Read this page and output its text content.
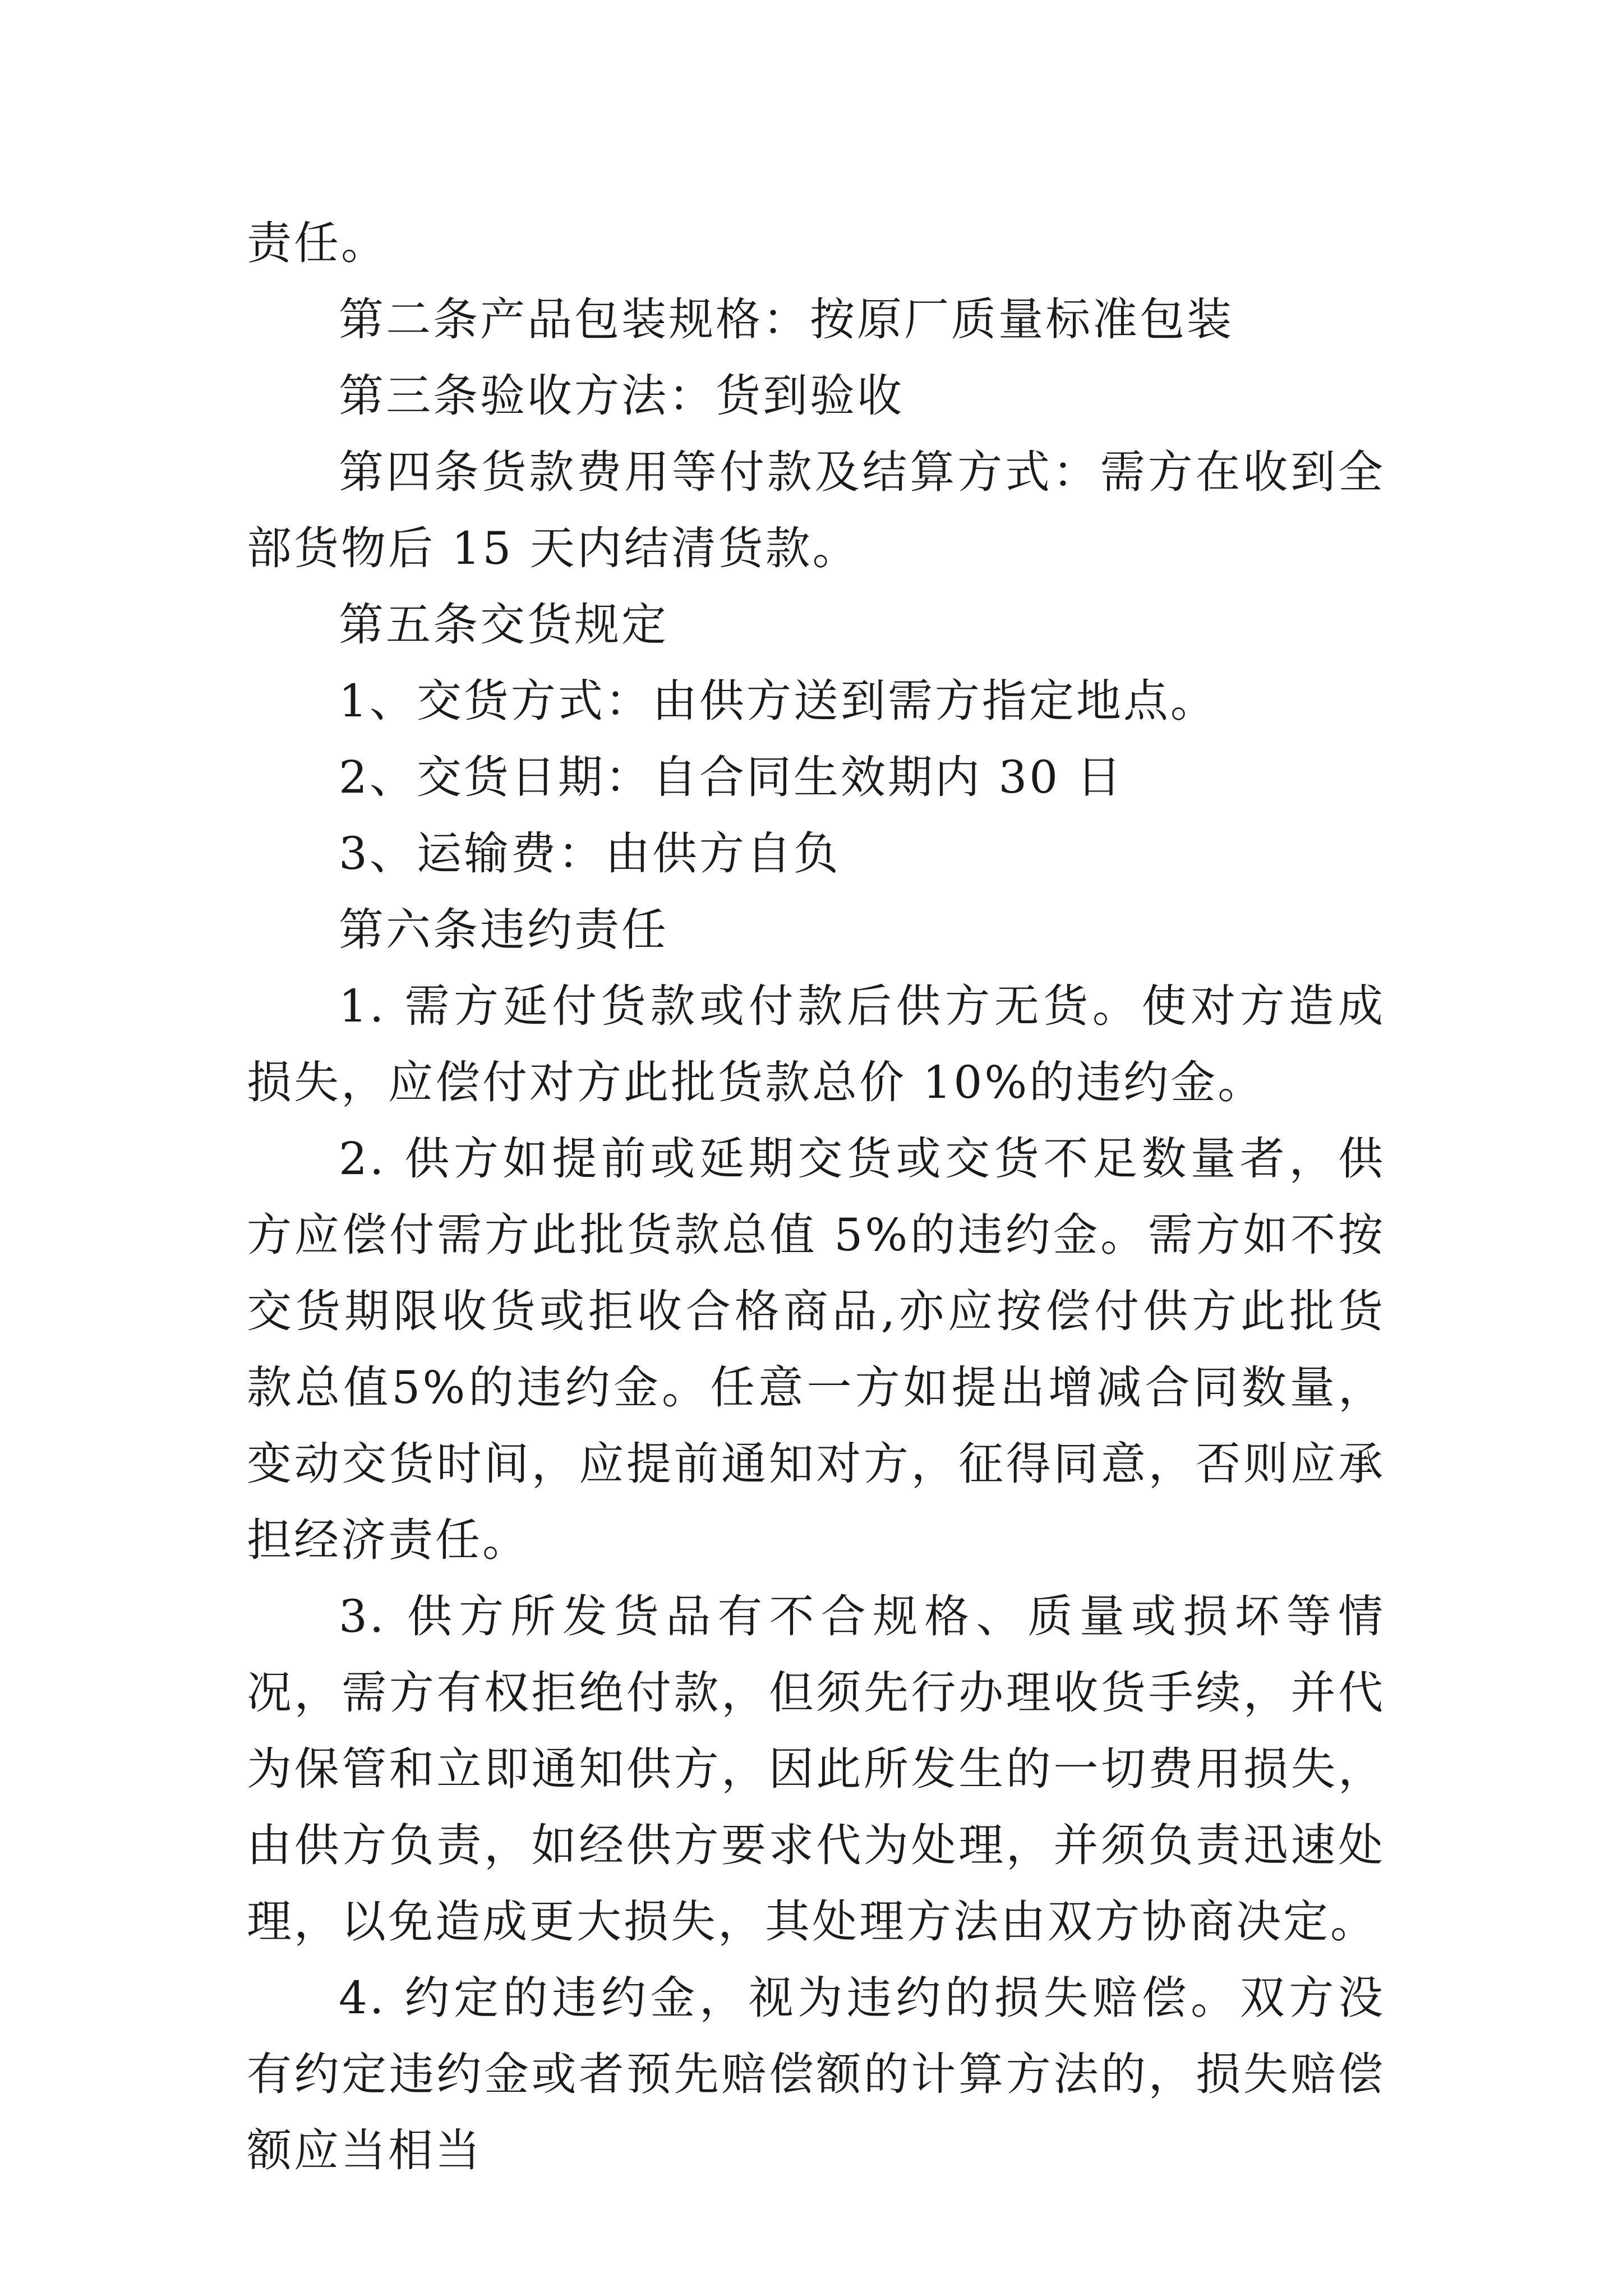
责任。

第二条产品包装规格：按原厂质量标准包装

第三条验收方法：货到验收

第四条货款费用等付款及结算方式：需方在收到全部货物后 15 天内结清货款。

第五条交货规定

1、交货方式：由供方送到需方指定地点。

2、交货日期：自合同生效期内 30 日

3、运输费：由供方自负

第六条违约责任

1. 需方延付货款或付款后供方无货。使对方造成损失，应偿付对方此批货款总价 10%的违约金。

2. 供方如提前或延期交货或交货不足数量者，供方应偿付需方此批货款总值 5%的违约金。需方如不按交货期限收货或拒收合格商品,亦应按偿付供方此批货款总值5%的违约金。任意一方如提出增减合同数量，变动交货时间，应提前通知对方，征得同意，否则应承担经济责任。

3. 供方所发货品有不合规格、质量或损坏等情况，需方有权拒绝付款，但须先行办理收货手续，并代为保管和立即通知供方，因此所发生的一切费用损失，由供方负责，如经供方要求代为处理，并须负责迅速处理，以免造成更大损失，其处理方法由双方协商决定。

4. 约定的违约金，视为违约的损失赔偿。双方没有约定违约金或者预先赔偿额的计算方法的，损失赔偿额应当相当
